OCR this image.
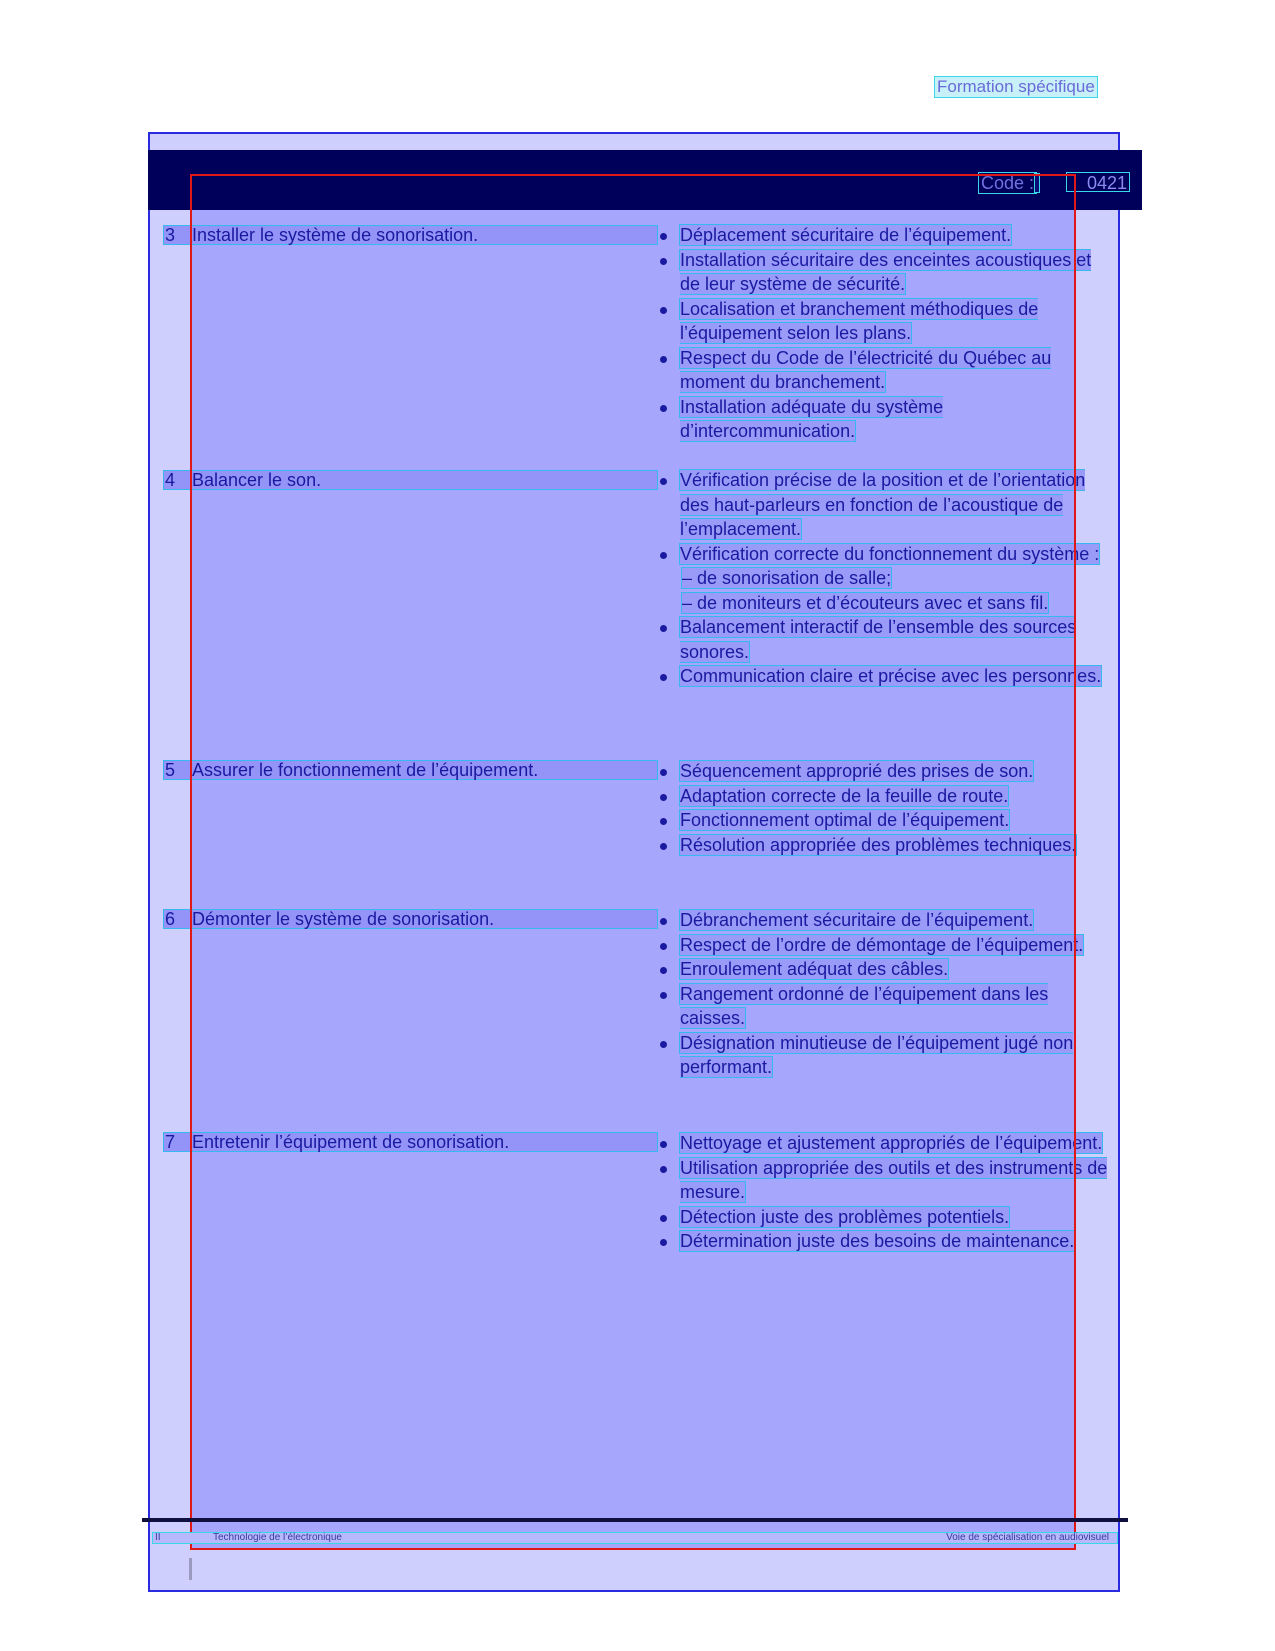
Formation spécifique
Code :	0421
3 Installer le système de sonorisation.	Déplacement sécuritaire de l’équipement.
Installation sécuritaire des enceintes acoustiques et de leur système de sécurité.
Localisation et branchement méthodiques de l’équipement selon les plans.
Respect du Code de l’électricité du Québec au moment du branchement.
Installation adéquate du système d’intercommunication.
4 Balancer le son.	Vérification précise de la position et de l’orientation des haut-parleurs en fonction de l’acoustique de l’emplacement.
Vérification correcte du fonctionnement du système :
– de sonorisation de salle;
– de moniteurs et d’écouteurs avec et sans fil.
Balancement interactif de l’ensemble des sources sonores.
Communication claire et précise avec les personnes.
5 Assurer le fonctionnement de l’équipement.	Séquencement approprié des prises de son.
Adaptation correcte de la feuille de route.
Fonctionnement optimal de l’équipement.
Résolution appropriée des problèmes techniques.
6 Démonter le système de sonorisation.	Débranchement sécuritaire de l’équipement.
Respect de l’ordre de démontage de l’équipement.
Enroulement adéquat des câbles.
Rangement ordonné de l’équipement dans les caisses.
Désignation minutieuse de l’équipement jugé non performant.
7 Entretenir l’équipement de sonorisation.	Nettoyage et ajustement appropriés de l’équipement.
Utilisation appropriée des outils et des instruments de mesure.
Détection juste des problèmes potentiels.
Détermination juste des besoins de maintenance.
II	Technologie de l’électronique	Voie de spécialisation en audiovisuel
